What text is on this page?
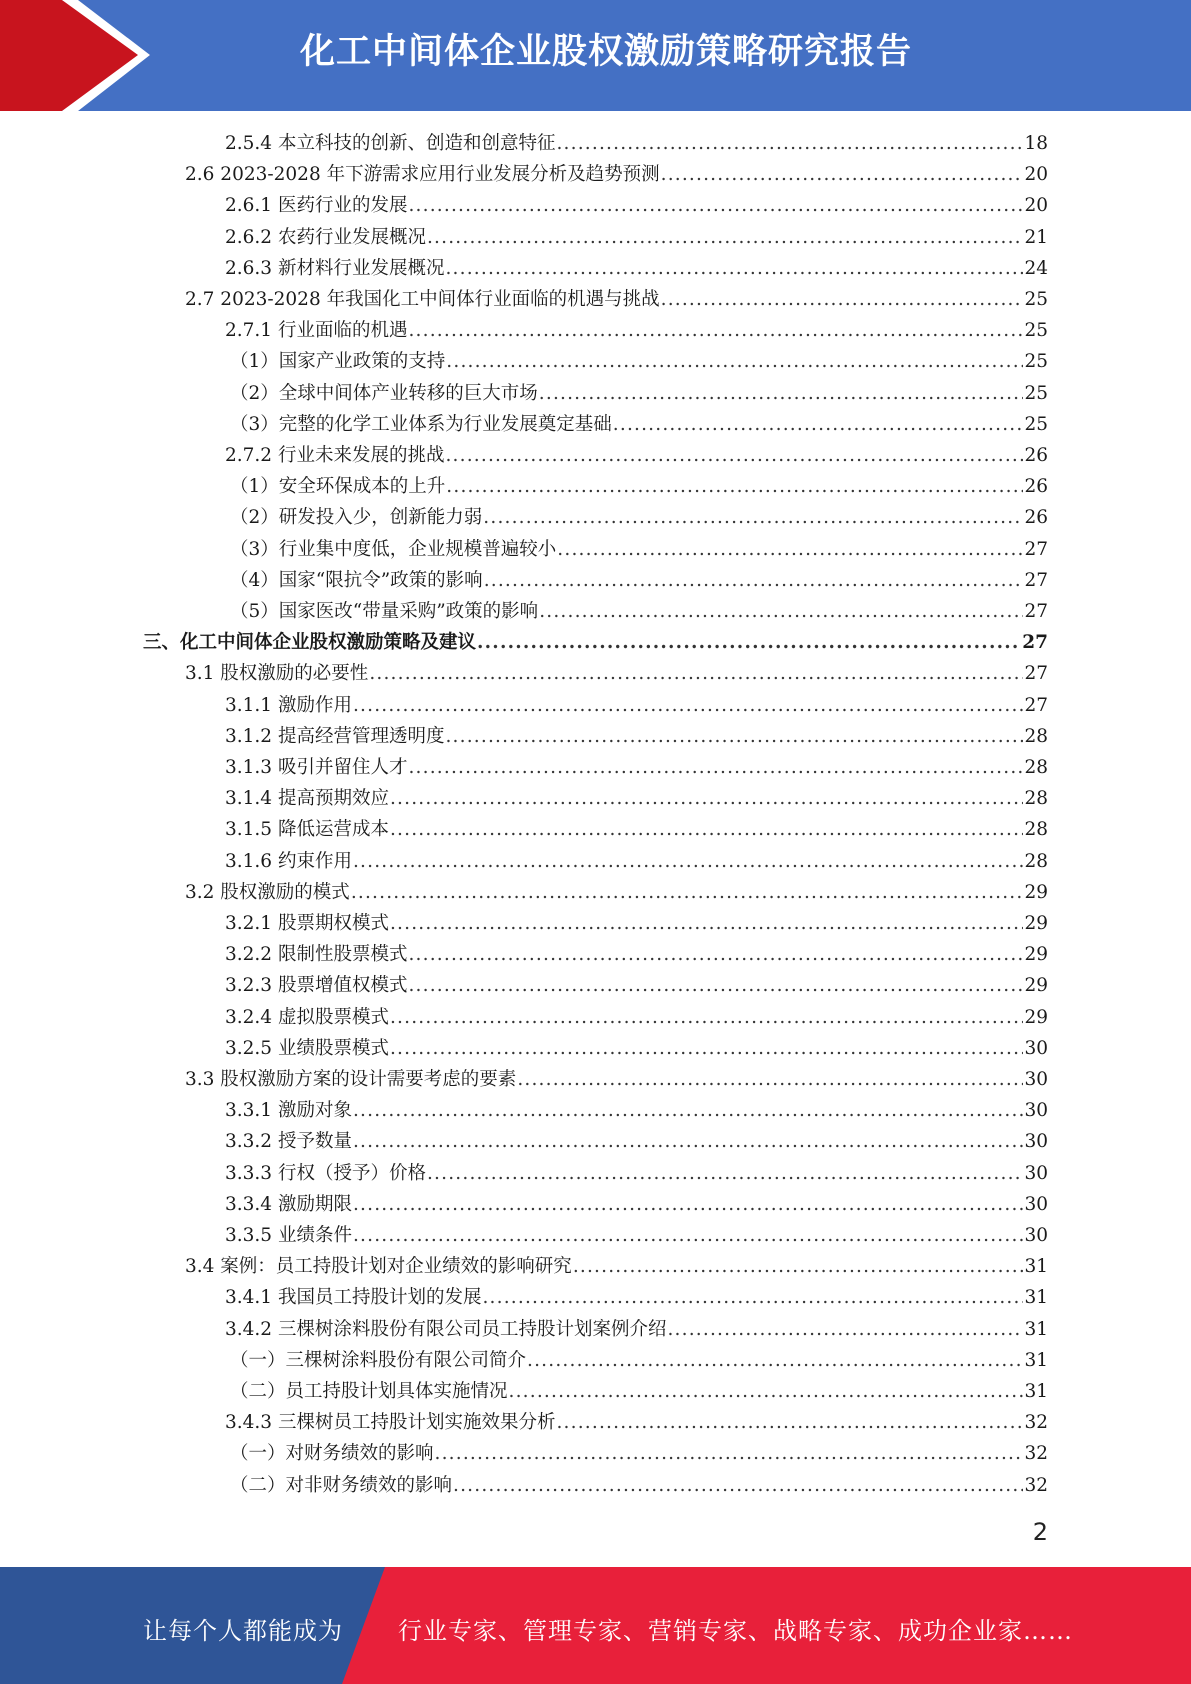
化工中间体企业股权激励策略研究报告
2.5.4 本立科技的创新、创造和创意特征 .....	18
2.6 2023-2028 年下游需求应用行业发展分析及趋势预测 .....	20
2.6.1 医药行业的发展 .....	20
2.6.2 农药行业发展概况 .....	21
2.6.3 新材料行业发展概况 .....	24
2.7 2023-2028 年我国化工中间体行业面临的机遇与挑战 .....	25
2.7.1 行业面临的机遇 .....	25
（1）国家产业政策的支持 .....	25
（2）全球中间体产业转移的巨大市场 .....	25
（3）完整的化学工业体系为行业发展奠定基础 .....	25
2.7.2 行业未来发展的挑战 .....	26
（1）安全环保成本的上升 .....	26
（2）研发投入少，创新能力弱 .....	26
（3）行业集中度低，企业规模普遍较小 .....	27
（4）国家“限抗令”政策的影响 .....	27
（5）国家医改“带量采购”政策的影响 .....	27
三、化工中间体企业股权激励策略及建议 .....	27
3.1 股权激励的必要性 .....	27
3.1.1 激励作用 .....	27
3.1.2 提高经营管理透明度 .....	28
3.1.3 吸引并留住人才 .....	28
3.1.4 提高预期效应 .....	28
3.1.5 降低运营成本 .....	28
3.1.6 约束作用 .....	28
3.2 股权激励的模式 .....	29
3.2.1 股票期权模式 .....	29
3.2.2 限制性股票模式 .....	29
3.2.3 股票增值权模式 .....	29
3.2.4 虚拟股票模式 .....	29
3.2.5 业绩股票模式 .....	30
3.3 股权激励方案的设计需要考虑的要素 .....	30
3.3.1 激励对象 .....	30
3.3.2 授予数量 .....	30
3.3.3 行权（授予）价格 .....	30
3.3.4 激励期限 .....	30
3.3.5 业绩条件 .....	30
3.4 案例：员工持股计划对企业绩效的影响研究 .....	31
3.4.1 我国员工持股计划的发展 .....	31
3.4.2 三棵树涂料股份有限公司员工持股计划案例介绍 .....	31
（一）三棵树涂料股份有限公司简介 .....	31
（二）员工持股计划具体实施情况 .....	31
3.4.3 三棵树员工持股计划实施效果分析 .....	32
（一）对财务绩效的影响 .....	32
（二）对非财务绩效的影响 .....	32
2
让每个人都能成为 行业专家、管理专家、营销专家、战略专家、成功企业家……
